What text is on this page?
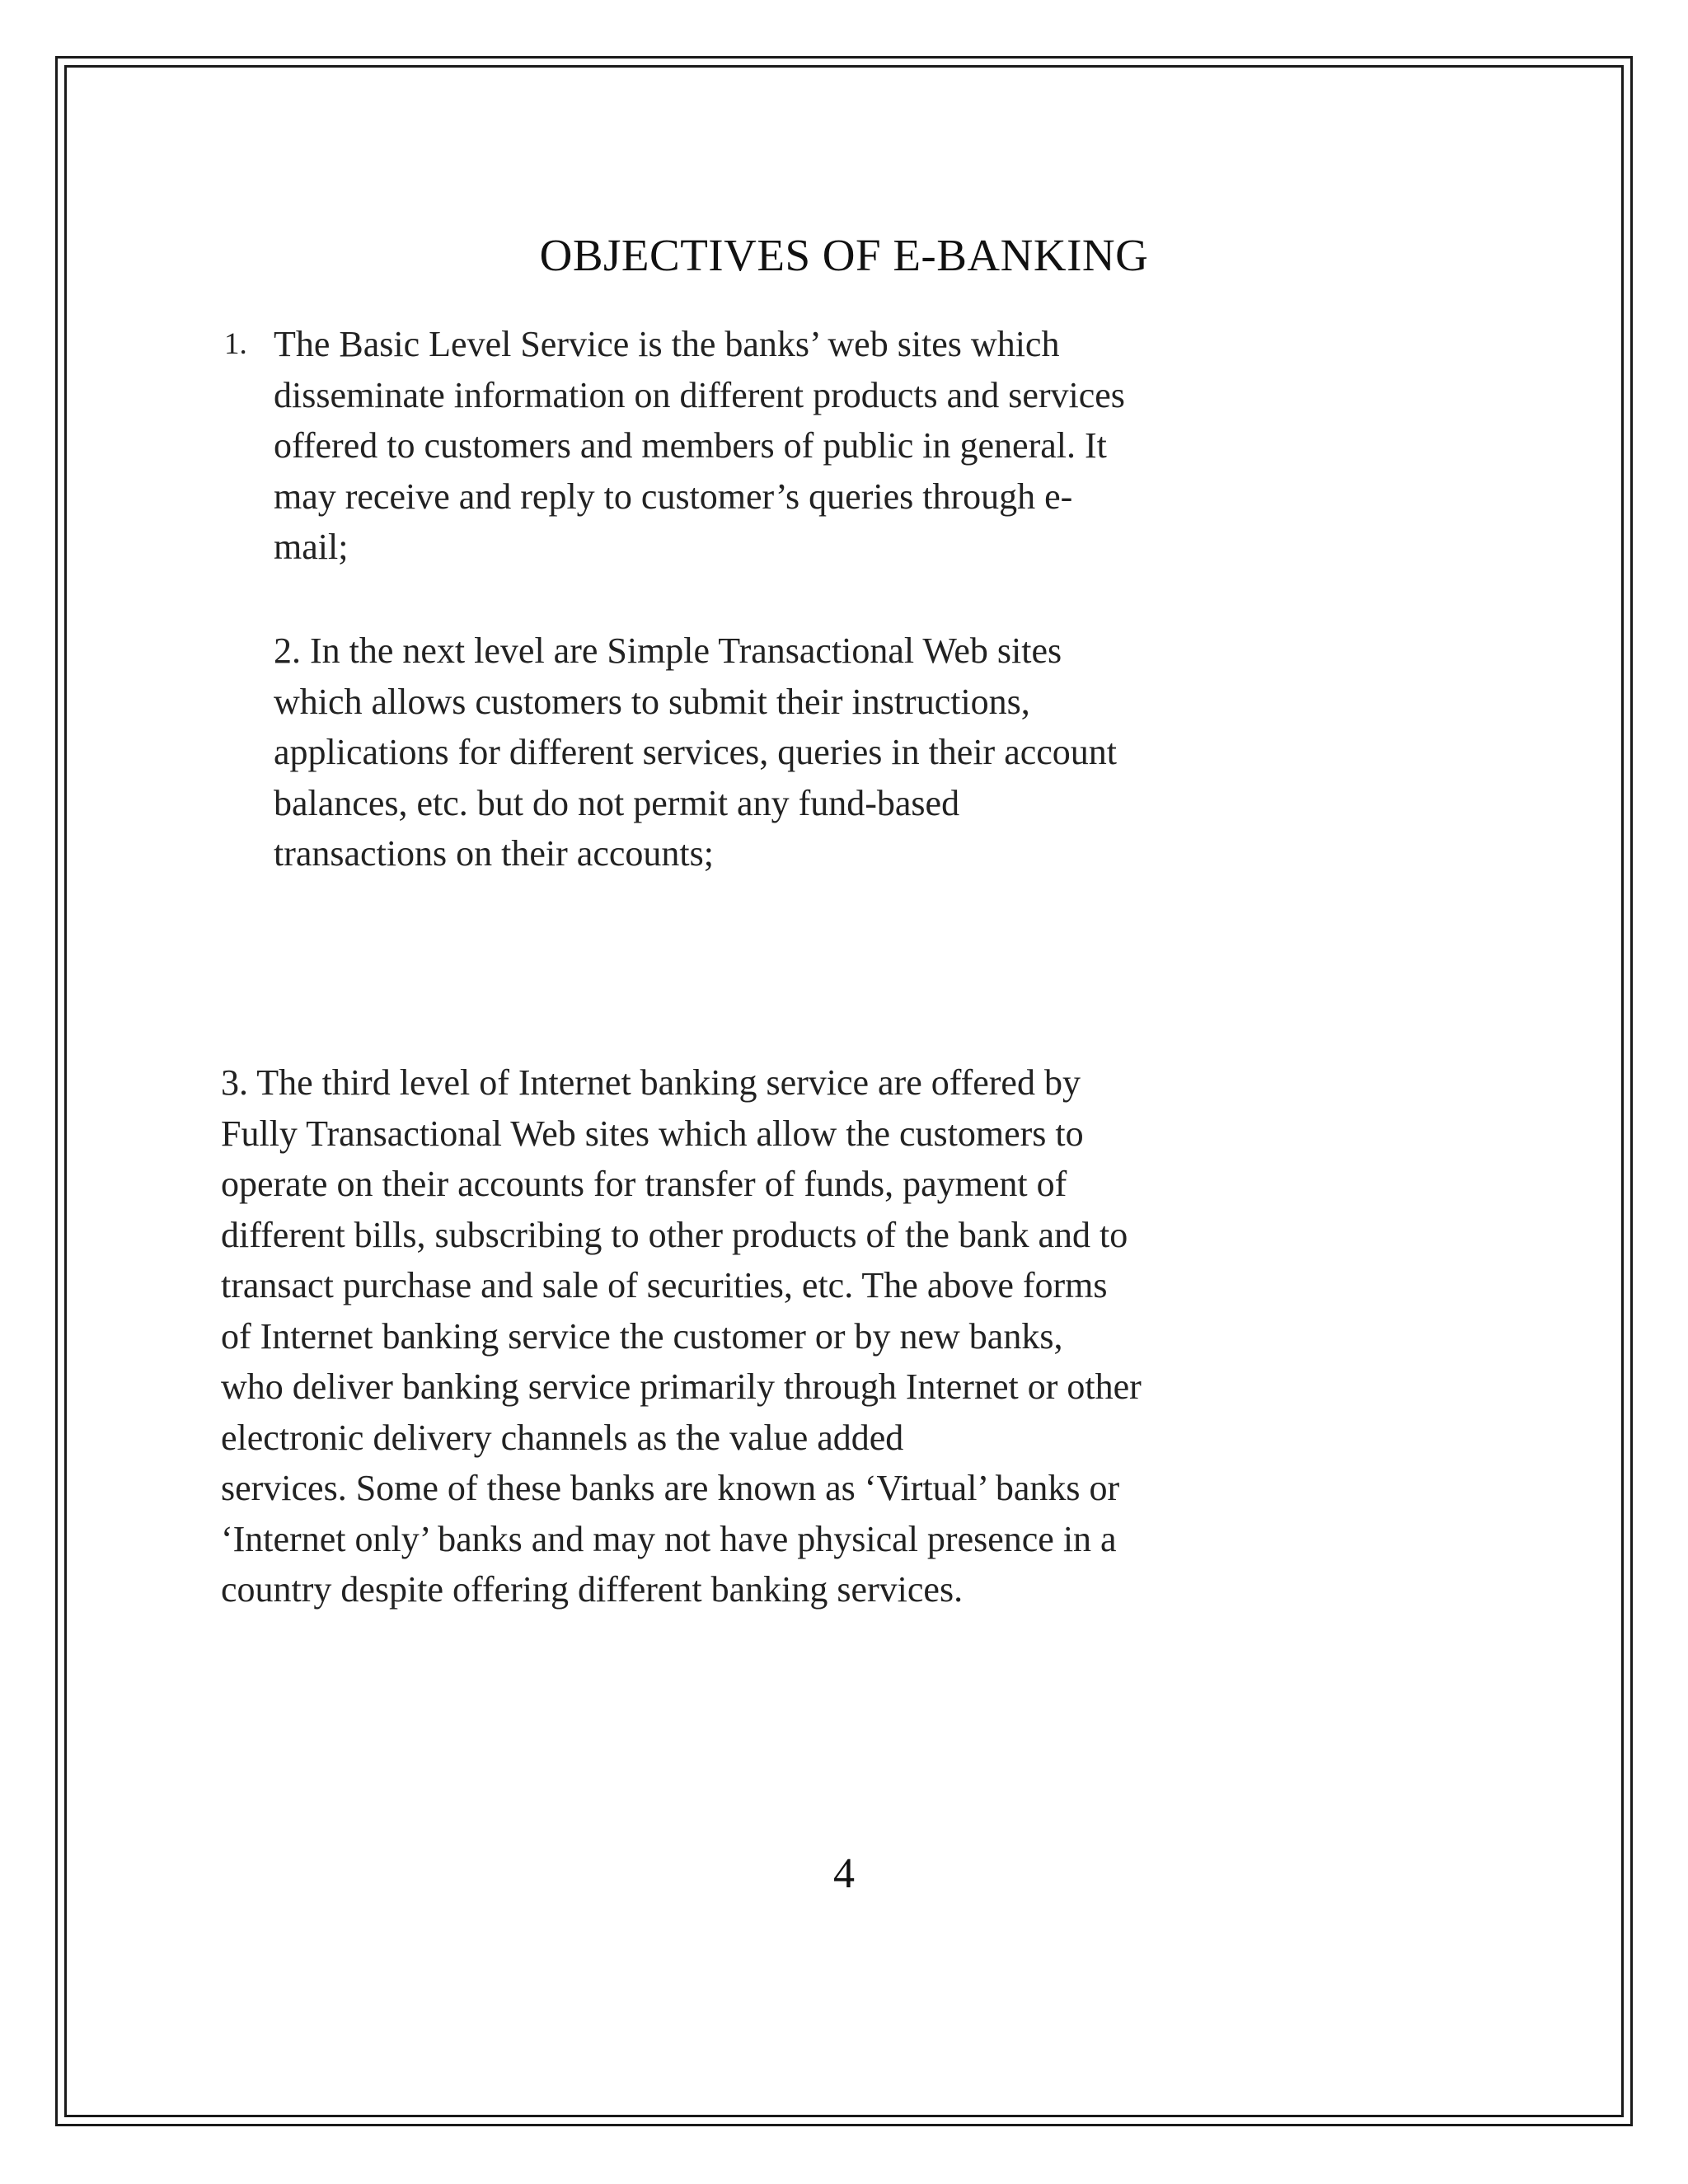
OBJECTIVES OF E-BANKING
1. The Basic Level Service is the banks’ web sites which
disseminate information on different products and services
offered to customers and members of public in general. It
may receive and reply to customer’s queries through e-
mail;
2. In the next level are Simple Transactional Web sites
which allows customers to submit their instructions,
applications for different services, queries in their account
balances, etc. but do not permit any fund-based
transactions on their accounts;
3. The third level of Internet banking service are offered by
Fully Transactional Web sites which allow the customers to
operate on their accounts for transfer of funds, payment of
different bills, subscribing to other products of the bank and to
transact purchase and sale of securities, etc. The above forms
of Internet banking service the customer or by new banks,
who deliver banking service primarily through Internet or other
electronic delivery channels as the value added
services. Some of these banks are known as ‘Virtual’ banks or
‘Internet only’ banks and may not have physical presence in a
country despite offering different banking services.

4
